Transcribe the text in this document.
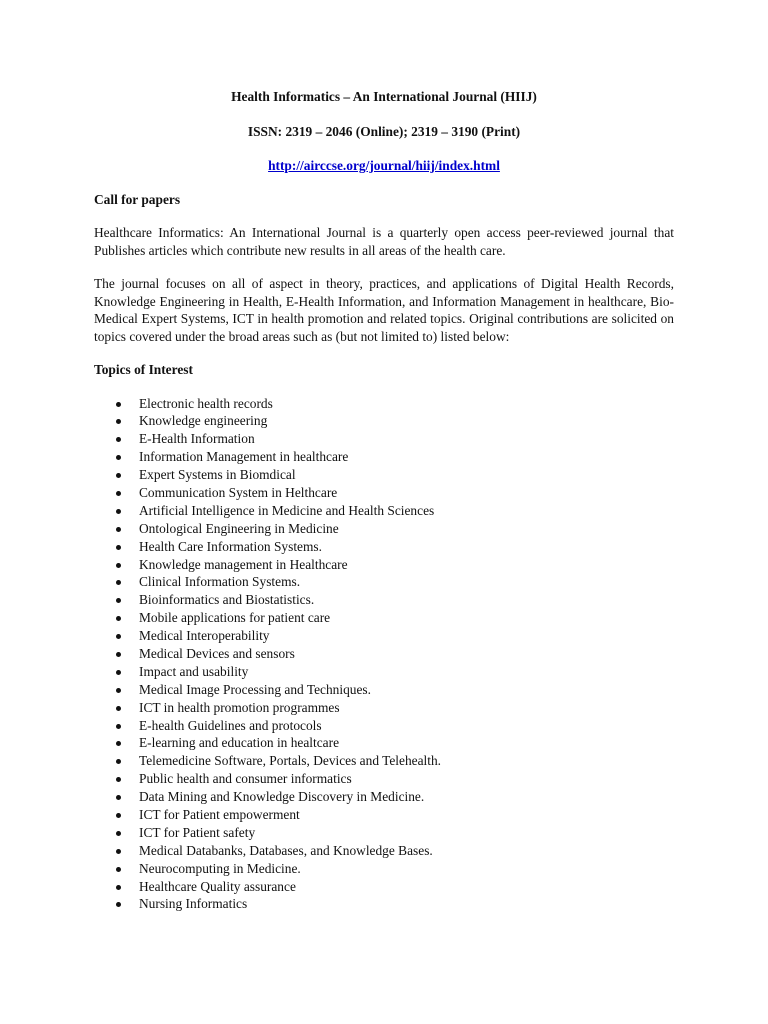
Health Informatics – An International Journal (HIIJ)

ISSN: 2319 – 2046 (Online); 2319 – 3190 (Print)

http://airccse.org/journal/hiij/index.html

Call for papers

Healthcare Informatics: An International Journal is a quarterly open access peer-reviewed journal that Publishes articles which contribute new results in all areas of the health care.

The journal focuses on all of aspect in theory, practices, and applications of Digital Health Records, Knowledge Engineering in Health, E-Health Information, and Information Management in healthcare, Bio-Medical Expert Systems, ICT in health promotion and related topics. Original contributions are solicited on topics covered under the broad areas such as (but not limited to) listed below:

Topics of Interest

Electronic health records
Knowledge engineering
E-Health Information
Information Management in healthcare
Expert Systems in Biomdical
Communication System in Helthcare
Artificial Intelligence in Medicine and Health Sciences
Ontological Engineering in Medicine
Health Care Information Systems.
Knowledge management in Healthcare
Clinical Information Systems.
Bioinformatics and Biostatistics.
Mobile applications for patient care
Medical Interoperability
Medical Devices and sensors
Impact and usability
Medical Image Processing and Techniques.
ICT in health promotion programmes
E-health Guidelines and protocols
E-learning and education in healtcare
Telemedicine Software, Portals, Devices and Telehealth.
Public health and consumer informatics
Data Mining and Knowledge Discovery in Medicine.
ICT for Patient empowerment
ICT for Patient safety
Medical Databanks, Databases, and Knowledge Bases.
Neurocomputing in Medicine.
Healthcare Quality assurance
Nursing Informatics
